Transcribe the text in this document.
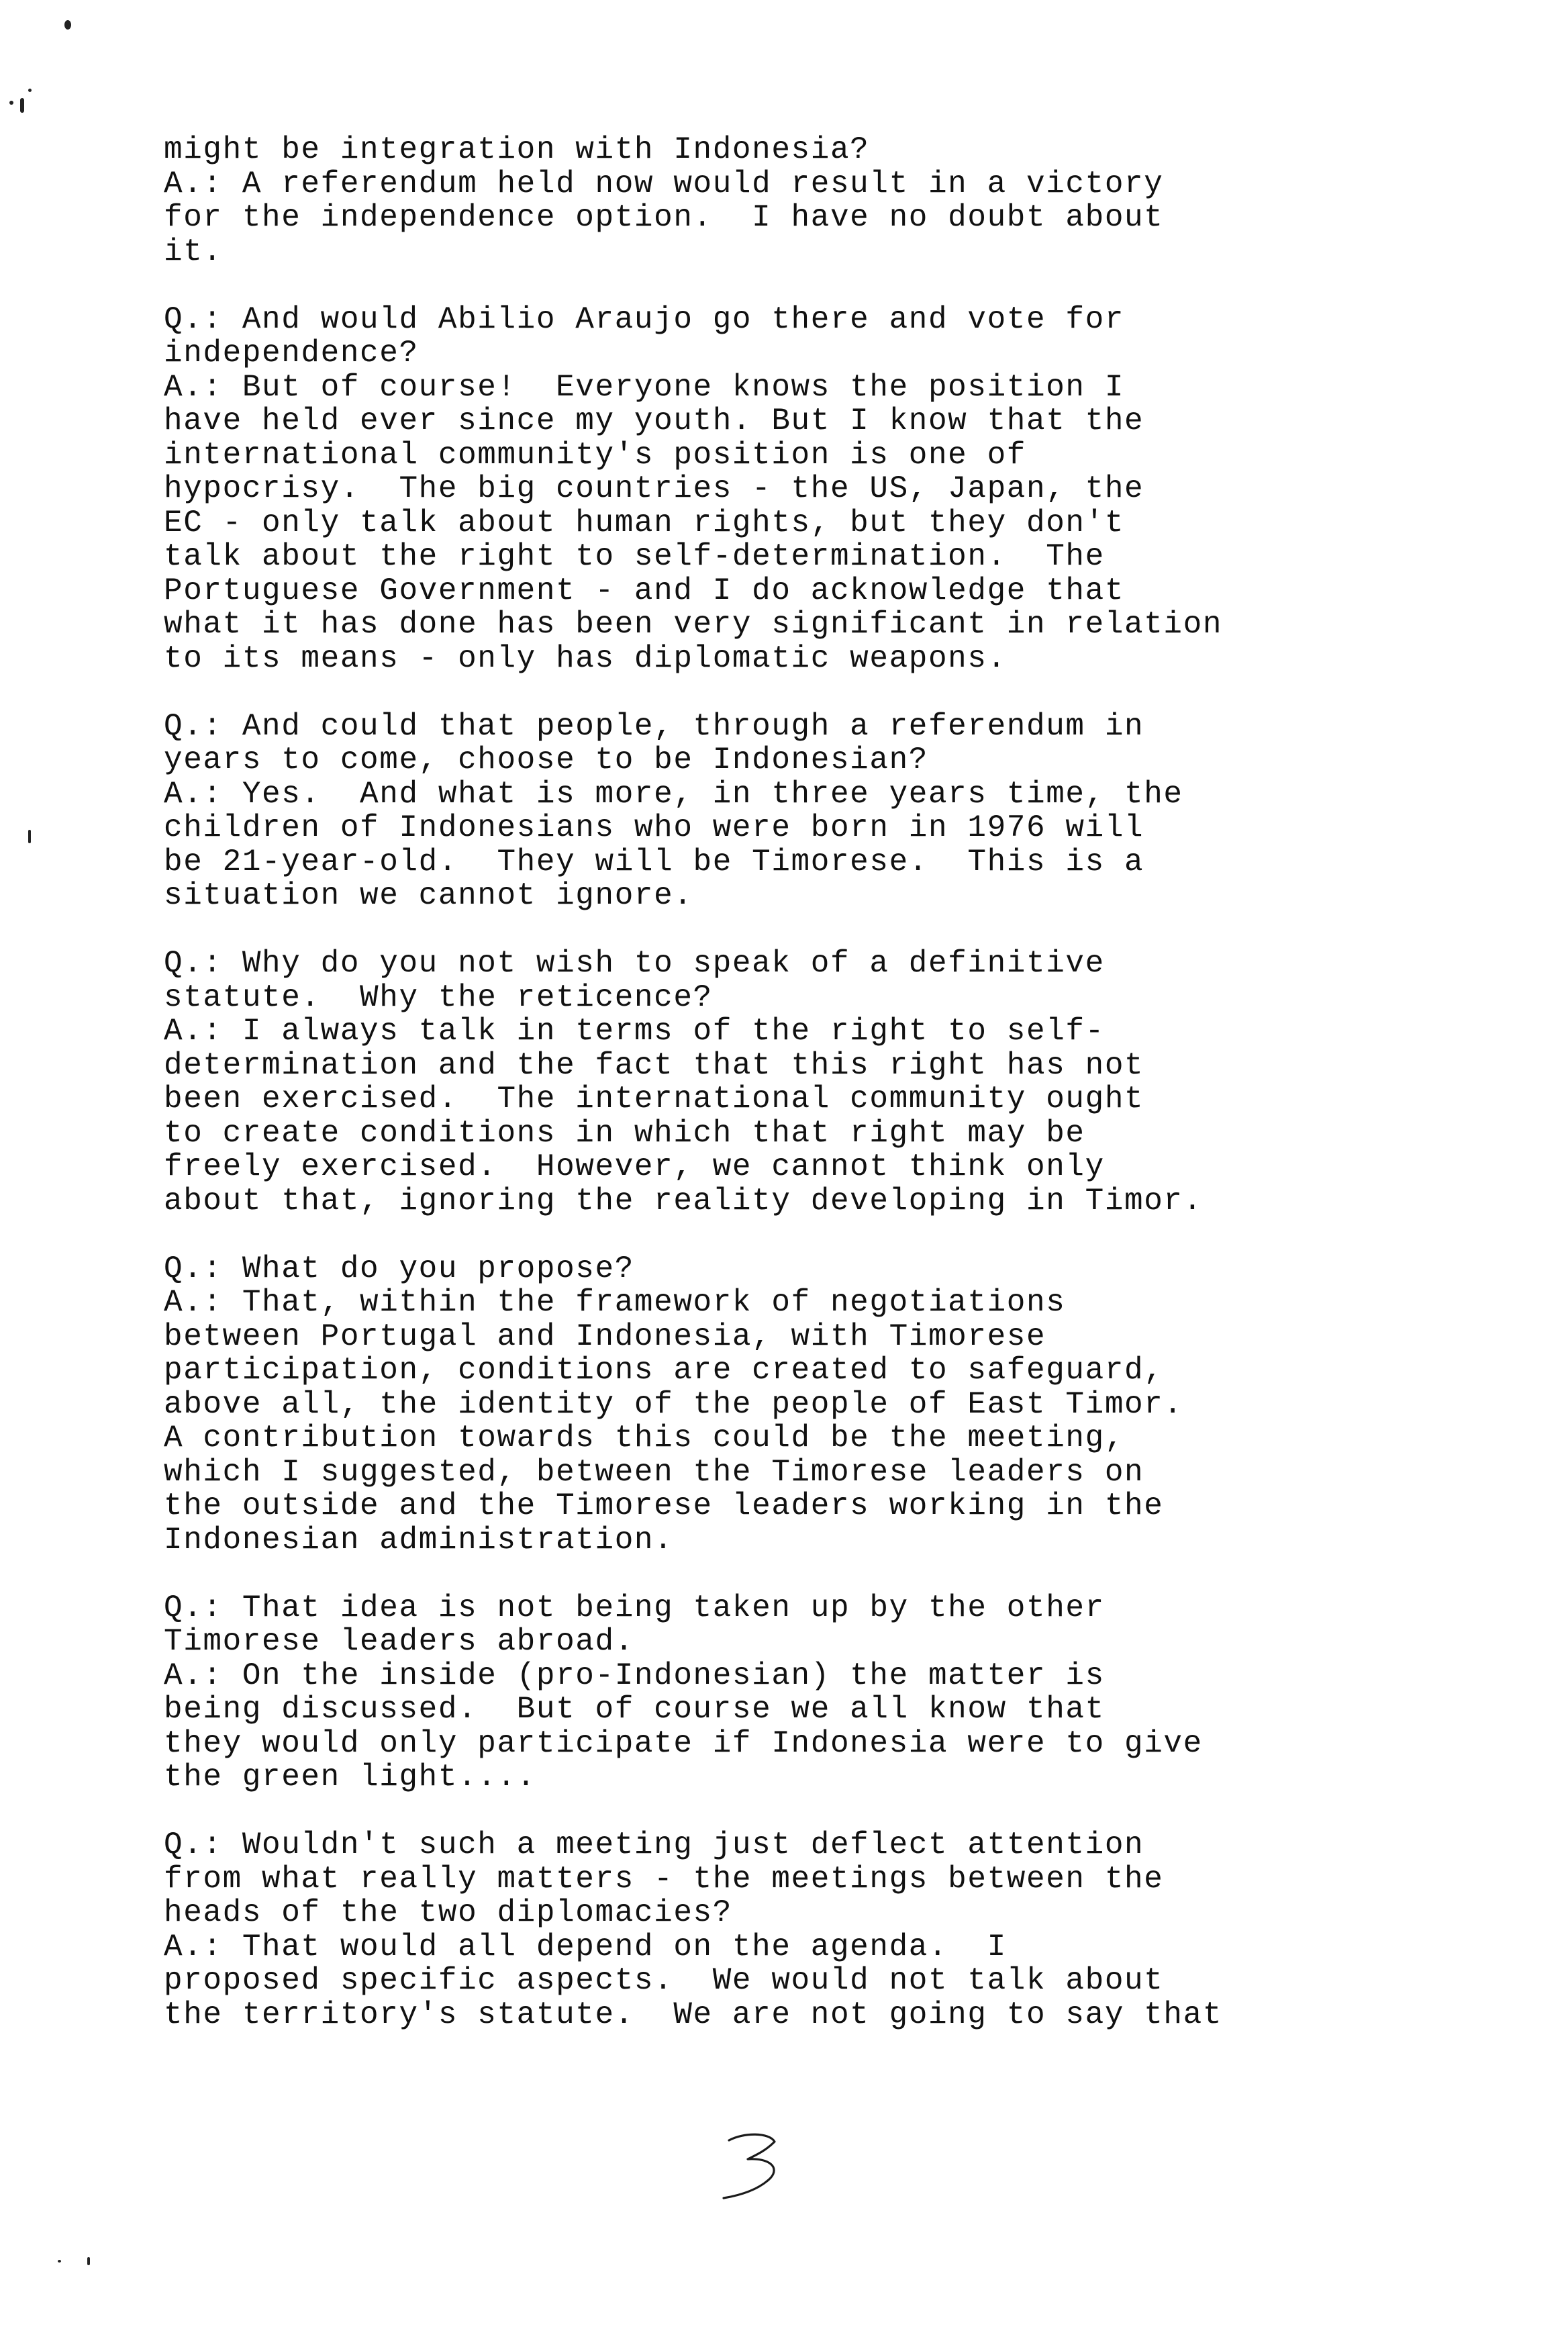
might be integration with Indonesia?
A.: A referendum held now would result in a victory
for the independence option.  I have no doubt about
it.
Q.: And would Abilio Araujo go there and vote for
independence?
A.: But of course!  Everyone knows the position I
have held ever since my youth. But I know that the
international community's position is one of
hypocrisy.  The big countries - the US, Japan, the
EC - only talk about human rights, but they don't
talk about the right to self-determination.  The
Portuguese Government - and I do acknowledge that
what it has done has been very significant in relation
to its means - only has diplomatic weapons.
Q.: And could that people, through a referendum in
years to come, choose to be Indonesian?
A.: Yes.  And what is more, in three years time, the
children of Indonesians who were born in 1976 will
be 21-year-old.  They will be Timorese.  This is a
situation we cannot ignore.
Q.: Why do you not wish to speak of a definitive
statute.  Why the reticence?
A.: I always talk in terms of the right to self-
determination and the fact that this right has not
been exercised.  The international community ought
to create conditions in which that right may be
freely exercised.  However, we cannot think only
about that, ignoring the reality developing in Timor.
Q.: What do you propose?
A.: That, within the framework of negotiations
between Portugal and Indonesia, with Timorese
participation, conditions are created to safeguard,
above all, the identity of the people of East Timor.
A contribution towards this could be the meeting,
which I suggested, between the Timorese leaders on
the outside and the Timorese leaders working in the
Indonesian administration.
Q.: That idea is not being taken up by the other
Timorese leaders abroad.
A.: On the inside (pro-Indonesian) the matter is
being discussed.  But of course we all know that
they would only participate if Indonesia were to give
the green light....
Q.: Wouldn't such a meeting just deflect attention
from what really matters - the meetings between the
heads of the two diplomacies?
A.: That would all depend on the agenda.  I
proposed specific aspects.  We would not talk about
the territory's statute.  We are not going to say that
